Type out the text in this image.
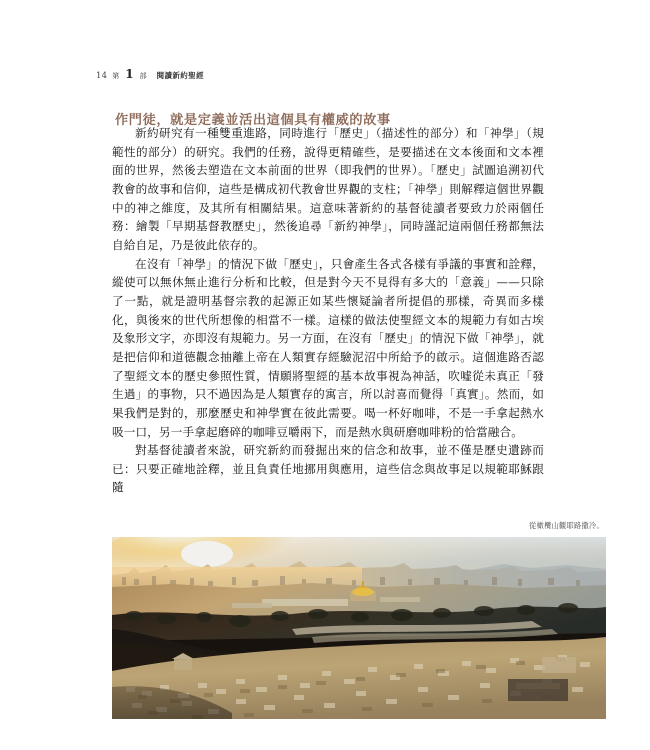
14 第 1 部 閱讀新約聖經
作門徒，就是定義並活出這個具有權威的故事

新約研究有一種雙重進路，同時進行「歷史」（描述性的部分）和「神學」（規範性的部分）的研究。我們的任務，說得更精確些，是要描述在文本後面和文本裡面的世界，然後去塑造在文本前面的世界（即我們的世界）。「歷史」試圖追溯初代教會的故事和信仰，這些是構成初代教會世界觀的支柱；「神學」則解釋這個世界觀中的神之維度，及其所有相關結果。這意味著新約的基督徒讀者要致力於兩個任務：繪製「早期基督教歷史」，然後追尋「新約神學」，同時謹記這兩個任務都無法自給自足，乃是彼此依存的。

在沒有「神學」的情況下做「歷史」，只會產生各式各樣有爭議的事實和詮釋，縱使可以無休無止進行分析和比較，但是對今天不見得有多大的「意義」——只除了一點，就是證明基督宗教的起源正如某些懷疑論者所提倡的那樣，奇異而多樣化，與後來的世代所想像的相當不一樣。這樣的做法使聖經文本的規範力有如古埃及象形文字，亦即沒有規範力。另一方面，在沒有「歷史」的情況下做「神學」，就是把信仰和道德觀念抽離上帝在人類實存經驗泥沼中所給予的啟示。這個進路否認了聖經文本的歷史參照性質，情願將聖經的基本故事視為神話，吹嘘從未真正「發生過」的事物，只不過因為是人類實存的寓言，所以討喜而覺得「真實」。然而，如果我們是對的，那麼歷史和神學實在彼此需要。喝一杯好咖啡，不是一手拿起熱水吸一口，另一手拿起磨碎的咖啡豆嚼兩下，而是熱水與研磨咖啡粉的恰當融合。

對基督徒讀者來說，研究新約而發掘出來的信念和故事，並不僅是歷史遺跡而已：只要正確地詮釋，並且負責任地挪用與應用，這些信念與故事足以規範耶穌跟隨

從橄欖山觀耶路撒冷。
